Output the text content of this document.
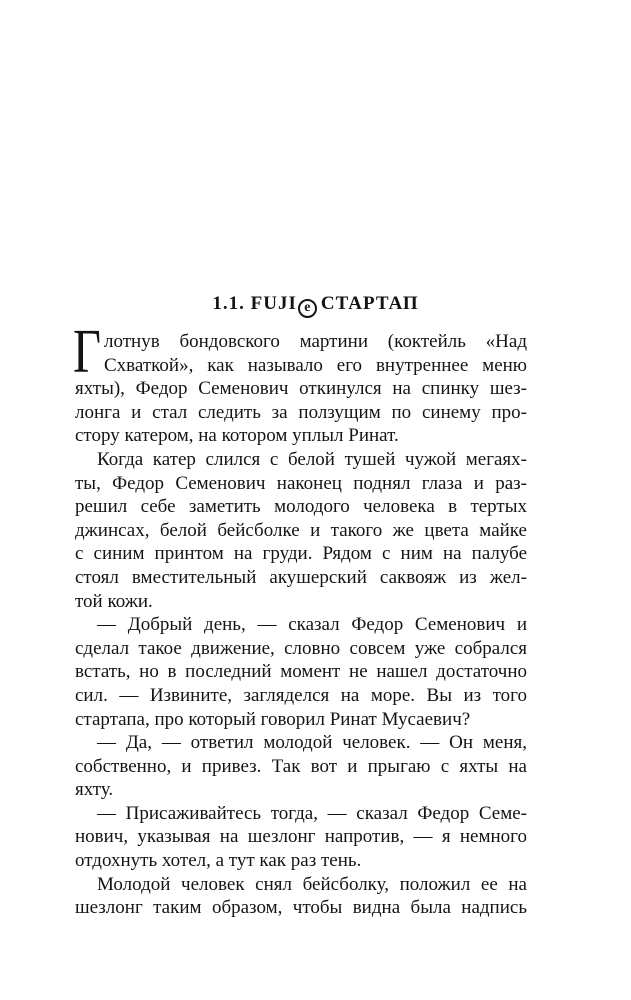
1.1. FUJI e СТАРТАП
Г лотнув бондовского мартини (коктейль «Над
Схваткой», как называло его внутреннее меню
яхты), Федор Семенович откинулся на спинку шез-
лонга и стал следить за ползущим по синему про-
стору катером, на котором уплыл Ринат.
Когда катер слился с белой тушей чужой мегаях-
ты, Федор Семенович наконец поднял глаза и раз-
решил себе заметить молодого человека в тертых
джинсах, белой бейсболке и такого же цвета майке
с синим принтом на груди. Рядом с ним на палубе
стоял вместительный акушерский саквояж из жел-
той кожи.
— Добрый день, — сказал Федор Семенович и
сделал такое движение, словно совсем уже собрался
встать, но в последний момент не нашел достаточно
сил. — Извините, загляделся на море. Вы из того
стартапа, про который говорил Ринат Мусаевич?
— Да, — ответил молодой человек. — Он меня,
собственно, и привез. Так вот и прыгаю с яхты на
яхту.
— Присаживайтесь тогда, — сказал Федор Семе-
нович, указывая на шезлонг напротив, — я немного
отдохнуть хотел, а тут как раз тень.
Молодой человек снял бейсболку, положил ее на
шезлонг таким образом, чтобы видна была надпись
